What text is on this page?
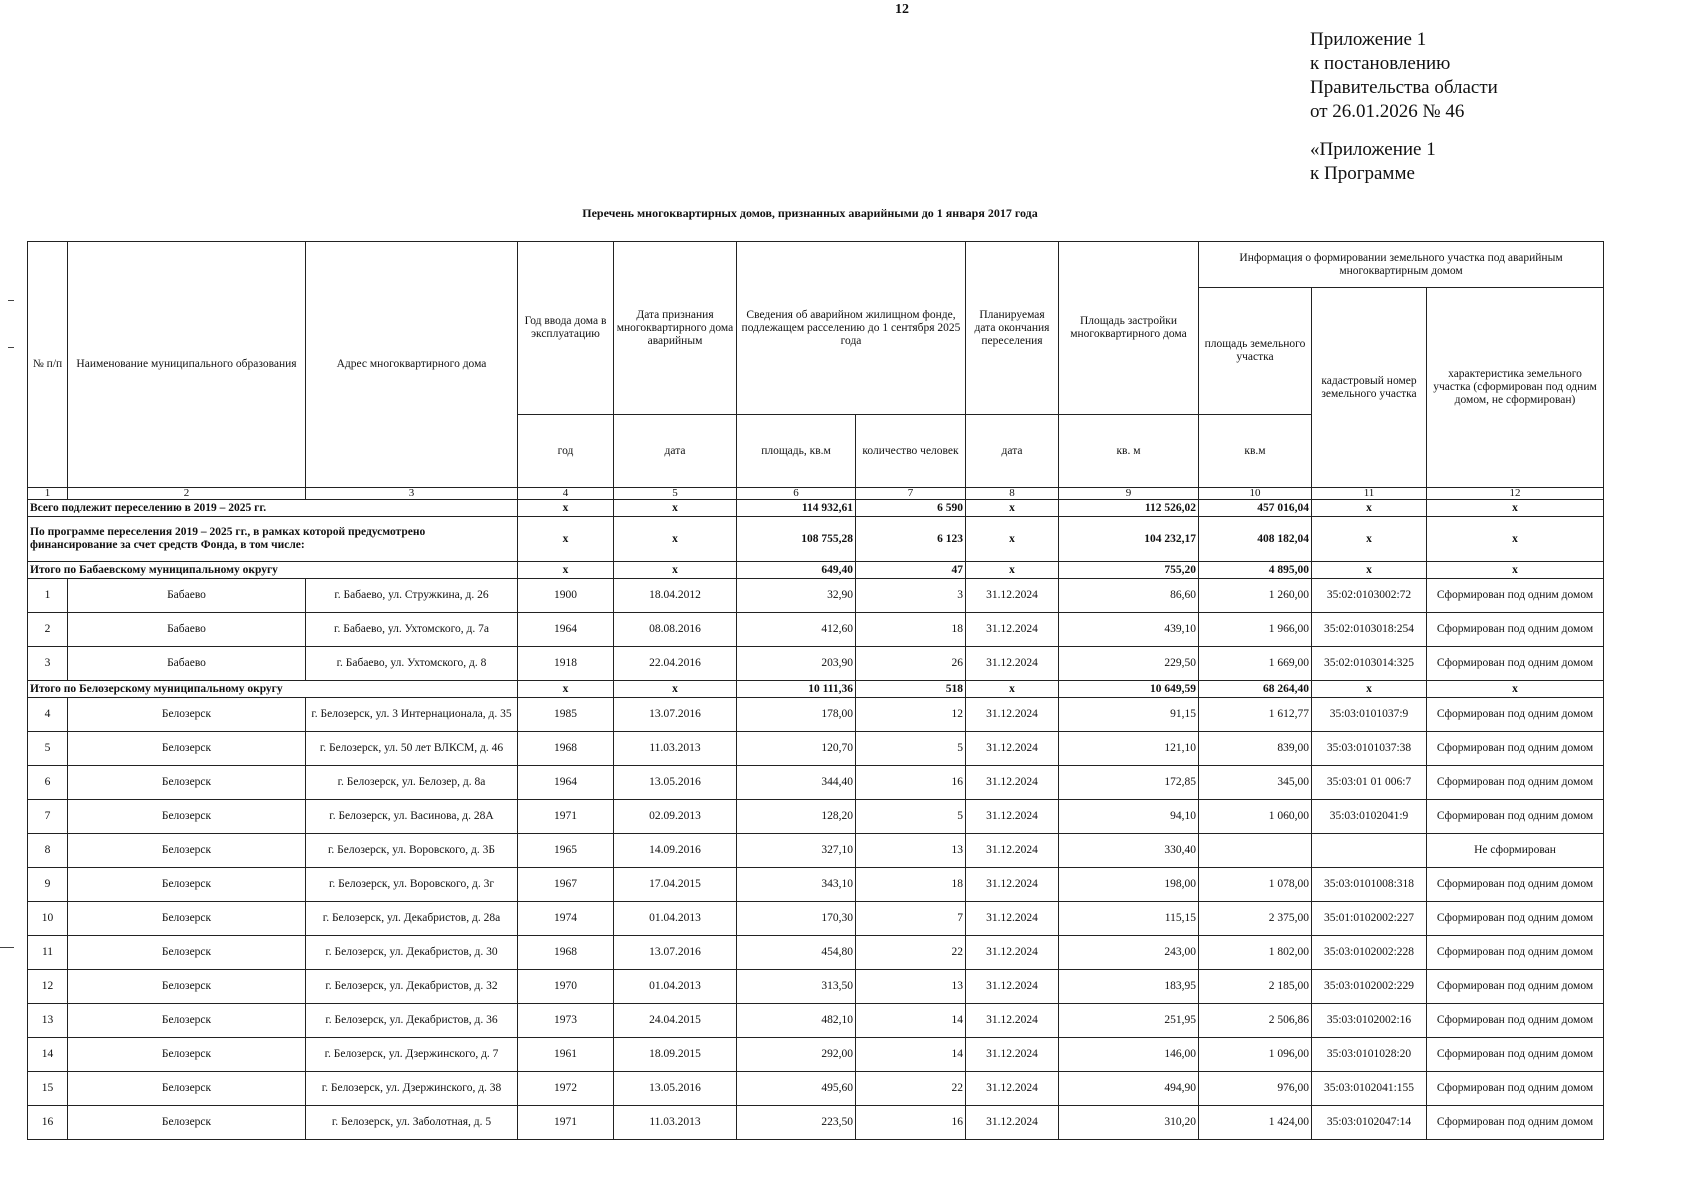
12
Приложение 1
к постановлению
Правительства области
от 26.01.2026 № 46
«Приложение 1
к Программе
Перечень многоквартирных домов, признанных аварийными до 1 января 2017 года
№ п/п	Наименование муниципального образования	Адрес многоквартирного дома	Год ввода дома в эксплуатацию	Дата признания многоквартирного дома аварийным	Сведения об аварийном жилищном фонде, подлежащем расселению до 1 сентября 2025 года		Планируемая дата окончания переселения	Площадь застройки многоквартирного дома	Информация о формировании земельного участка под аварийным многоквартирным домом		
									площадь земельного участка	кадастровый номер земельного участка	характеристика земельного участка (сформирован под одним домом, не сформирован)
			год	дата	площадь, кв.м	количество человек	дата	кв. м	кв.м		
1	2	3	4	5	6	7	8	9	10	11	12
Всего подлежит переселению в 2019 – 2025 гг.			x	x	114 932,61	6 590	x	112 526,02	457 016,04	x	x
По программе переселения 2019 – 2025 гг., в рамках которой предусмотрено финансирование за счет средств Фонда, в том числе:			x	x	108 755,28	6 123	x	104 232,17	408 182,04	x	x
Итого по Бабаевскому муниципальному округу			x	x	649,40	47	x	755,20	4 895,00	x	x
1	Бабаево	г. Бабаево, ул. Стружкина, д. 26	1900	18.04.2012	32,90	3	31.12.2024	86,60	1 260,00	35:02:0103002:72	Сформирован под одним домом
2	Бабаево	г. Бабаево, ул. Ухтомского, д. 7а	1964	08.08.2016	412,60	18	31.12.2024	439,10	1 966,00	35:02:0103018:254	Сформирован под одним домом
3	Бабаево	г. Бабаево, ул. Ухтомского, д. 8	1918	22.04.2016	203,90	26	31.12.2024	229,50	1 669,00	35:02:0103014:325	Сформирован под одним домом
Итого по Белозерскому муниципальному округу			x	x	10 111,36	518	x	10 649,59	68 264,40	x	x
4	Белозерск	г. Белозерск, ул. 3 Интернационала, д. 35	1985	13.07.2016	178,00	12	31.12.2024	91,15	1 612,77	35:03:0101037:9	Сформирован под одним домом
5	Белозерск	г. Белозерск, ул. 50 лет ВЛКСМ, д. 46	1968	11.03.2013	120,70	5	31.12.2024	121,10	839,00	35:03:0101037:38	Сформирован под одним домом
6	Белозерск	г. Белозерск, ул. Белозер, д. 8а	1964	13.05.2016	344,40	16	31.12.2024	172,85	345,00	35:03:01 01 006:7	Сформирован под одним домом
7	Белозерск	г. Белозерск, ул. Васинова, д. 28А	1971	02.09.2013	128,20	5	31.12.2024	94,10	1 060,00	35:03:0102041:9	Сформирован под одним домом
8	Белозерск	г. Белозерск, ул. Воровского, д. 3Б	1965	14.09.2016	327,10	13	31.12.2024	330,40			Не сформирован
9	Белозерск	г. Белозерск, ул. Воровского, д. 3г	1967	17.04.2015	343,10	18	31.12.2024	198,00	1 078,00	35:03:0101008:318	Сформирован под одним домом
10	Белозерск	г. Белозерск, ул. Декабристов, д. 28а	1974	01.04.2013	170,30	7	31.12.2024	115,15	2 375,00	35:01:0102002:227	Сформирован под одним домом
11	Белозерск	г. Белозерск, ул. Декабристов, д. 30	1968	13.07.2016	454,80	22	31.12.2024	243,00	1 802,00	35:03:0102002:228	Сформирован под одним домом
12	Белозерск	г. Белозерск, ул. Декабристов, д. 32	1970	01.04.2013	313,50	13	31.12.2024	183,95	2 185,00	35:03:0102002:229	Сформирован под одним домом
13	Белозерск	г. Белозерск, ул. Декабристов, д. 36	1973	24.04.2015	482,10	14	31.12.2024	251,95	2 506,86	35:03:0102002:16	Сформирован под одним домом
14	Белозерск	г. Белозерск, ул. Дзержинского, д. 7	1961	18.09.2015	292,00	14	31.12.2024	146,00	1 096,00	35:03:0101028:20	Сформирован под одним домом
15	Белозерск	г. Белозерск, ул. Дзержинского, д. 38	1972	13.05.2016	495,60	22	31.12.2024	494,90	976,00	35:03:0102041:155	Сформирован под одним домом
16	Белозерск	г. Белозерск, ул. Заболотная, д. 5	1971	11.03.2013	223,50	16	31.12.2024	310,20	1 424,00	35:03:0102047:14	Сформирован под одним домом
